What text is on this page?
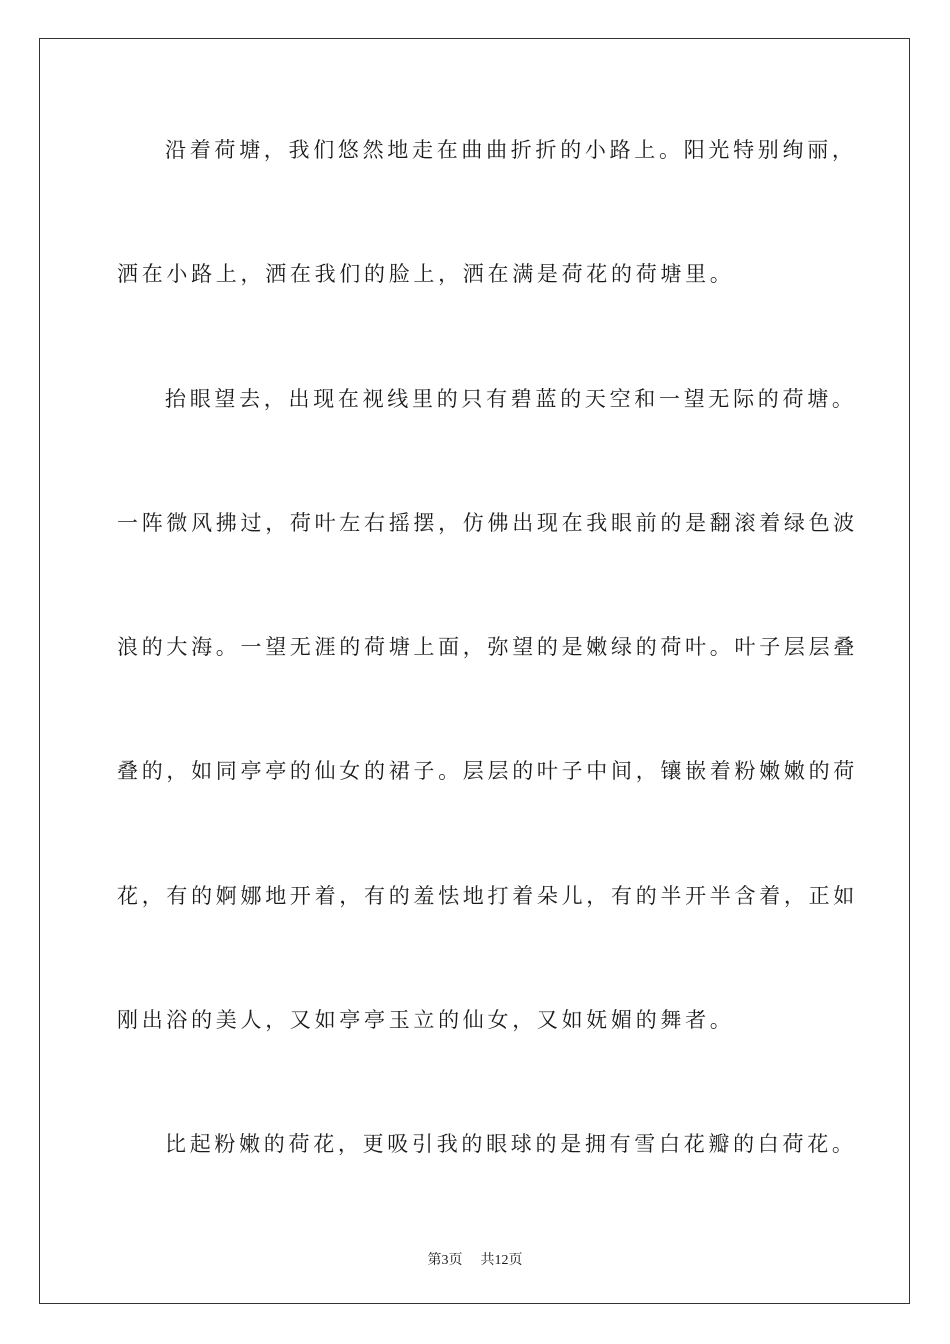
沿着荷塘，我们悠然地走在曲曲折折的小路上。阳光特别绚丽，
洒在小路上，洒在我们的脸上，洒在满是荷花的荷塘里。
抬眼望去，出现在视线里的只有碧蓝的天空和一望无际的荷塘。
一阵微风拂过，荷叶左右摇摆，仿佛出现在我眼前的是翻滚着绿色波
浪的大海。一望无涯的荷塘上面，弥望的是嫩绿的荷叶。叶子层层叠
叠的，如同亭亭的仙女的裙子。层层的叶子中间，镶嵌着粉嫩嫩的荷
花，有的婀娜地开着，有的羞怯地打着朵儿，有的半开半含着，正如
刚出浴的美人，又如亭亭玉立的仙女，又如妩媚的舞者。
比起粉嫩的荷花，更吸引我的眼球的是拥有雪白花瓣的白荷花。
第3页 共12页
